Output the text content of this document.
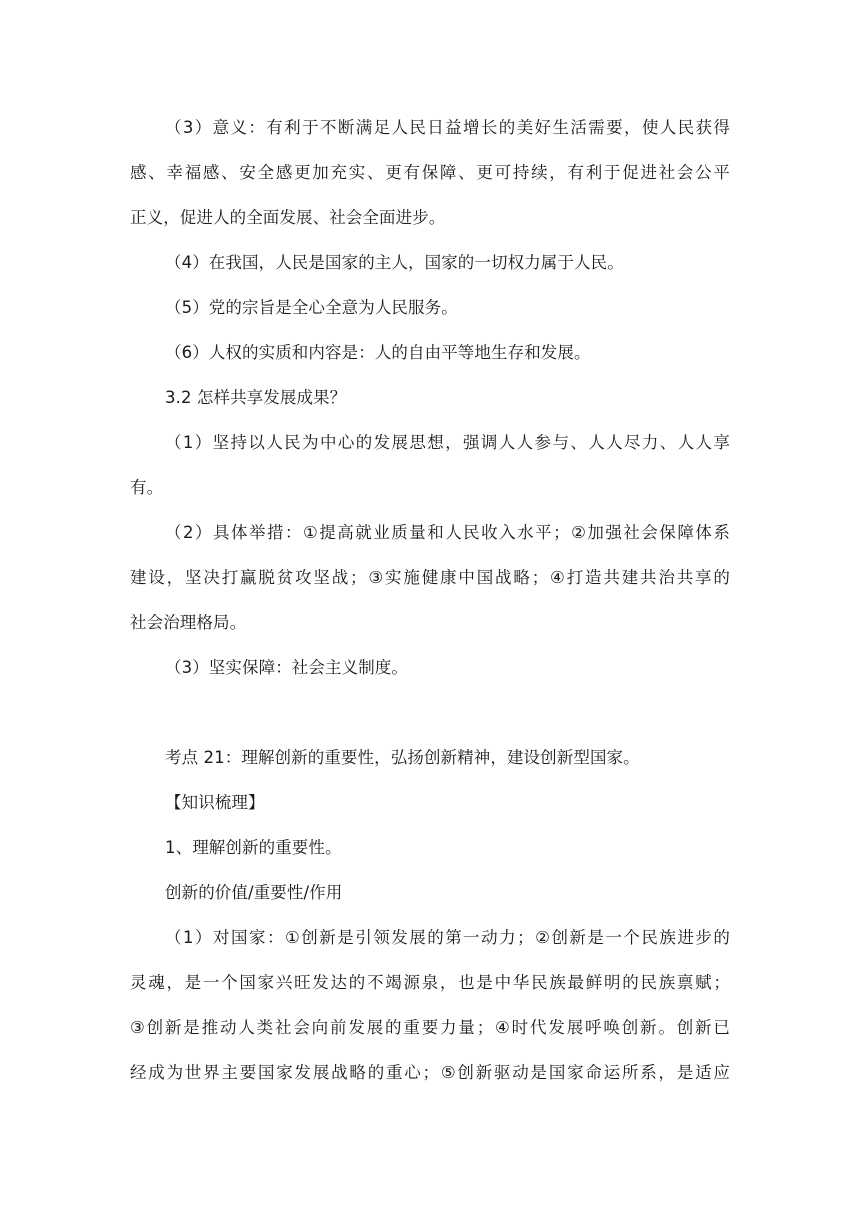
（3）意义：有利于不断满足人民日益增长的美好生活需要，使人民获得
感、幸福感、安全感更加充实、更有保障、更可持续，有利于促进社会公平
正义，促进人的全面发展、社会全面进步。
（4）在我国，人民是国家的主人，国家的一切权力属于人民。
（5）党的宗旨是全心全意为人民服务。
（6）人权的实质和内容是：人的自由平等地生存和发展。
3.2 怎样共享发展成果？
（1）坚持以人民为中心的发展思想，强调人人参与、人人尽力、人人享
有。
（2）具体举措：①提高就业质量和人民收入水平；②加强社会保障体系
建设，坚决打赢脱贫攻坚战；③实施健康中国战略；④打造共建共治共享的
社会治理格局。
（3）坚实保障：社会主义制度。
考点 21：理解创新的重要性，弘扬创新精神，建设创新型国家。
【知识梳理】
1、理解创新的重要性。
创新的价值/重要性/作用
（1）对国家：①创新是引领发展的第一动力；②创新是一个民族进步的
灵魂，是一个国家兴旺发达的不竭源泉，也是中华民族最鲜明的民族禀赋；
③创新是推动人类社会向前发展的重要力量；④时代发展呼唤创新。创新已
经成为世界主要国家发展战略的重心；⑤创新驱动是国家命运所系，是适应
